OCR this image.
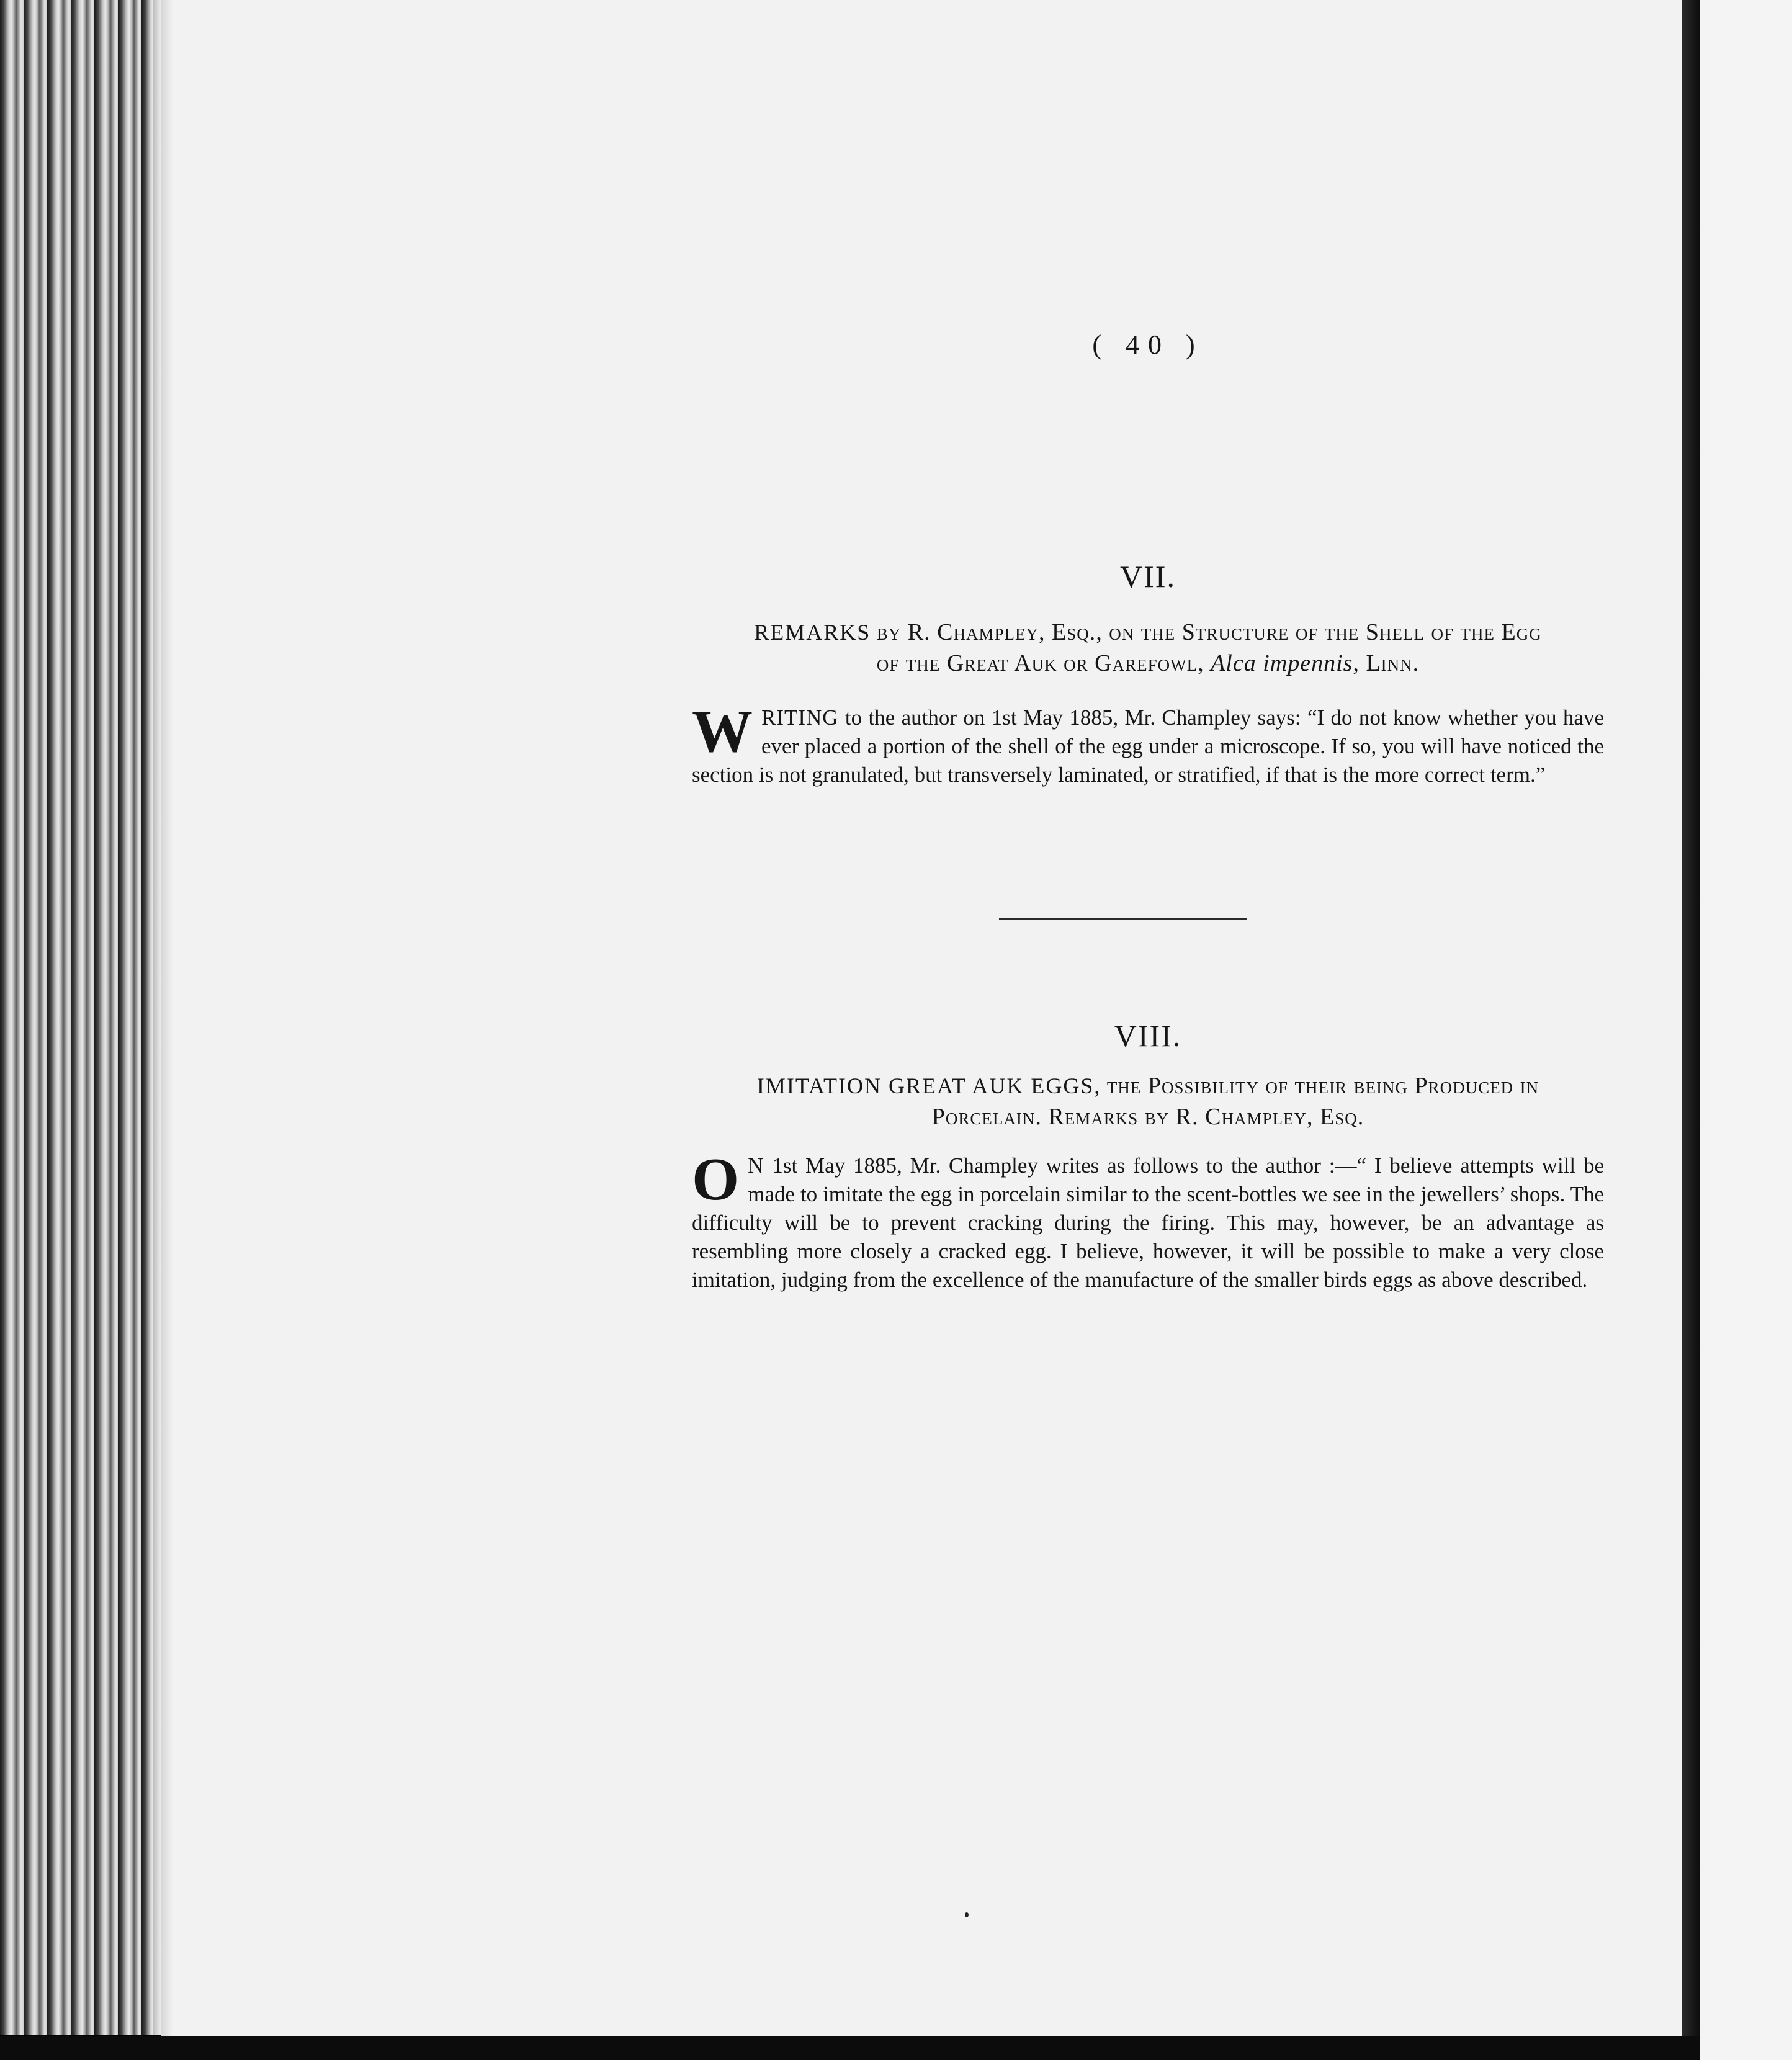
( 40 )
VII.
REMARKS by R. Champley, Esq., on the Structure of the Shell of the Egg
of the Great Auk or Garefowl, Alca impennis, Linn.
WRITING to the author on 1st May 1885, Mr. Champley says: “I do not know whether you have ever placed a portion of the shell of the egg under a microscope. If so, you will have noticed the section is not granulated, but transversely laminated, or stratified, if that is the more correct term.”
VIII.
IMITATION GREAT AUK EGGS, the Possibility of their being Produced in
Porcelain. Remarks by R. Champley, Esq.
O N 1st May 1885, Mr. Champley writes as follows to the author :—“ I believe attempts will be made to imitate the egg in porcelain similar to the scent-bottles we see in the jewellers’ shops. The difficulty will be to prevent cracking during the firing. This may, however, be an advantage as resembling more closely a cracked egg. I believe, however, it will be possible to make a very close imitation, judging from the excellence of the manufacture of the smaller birds eggs as above described.
